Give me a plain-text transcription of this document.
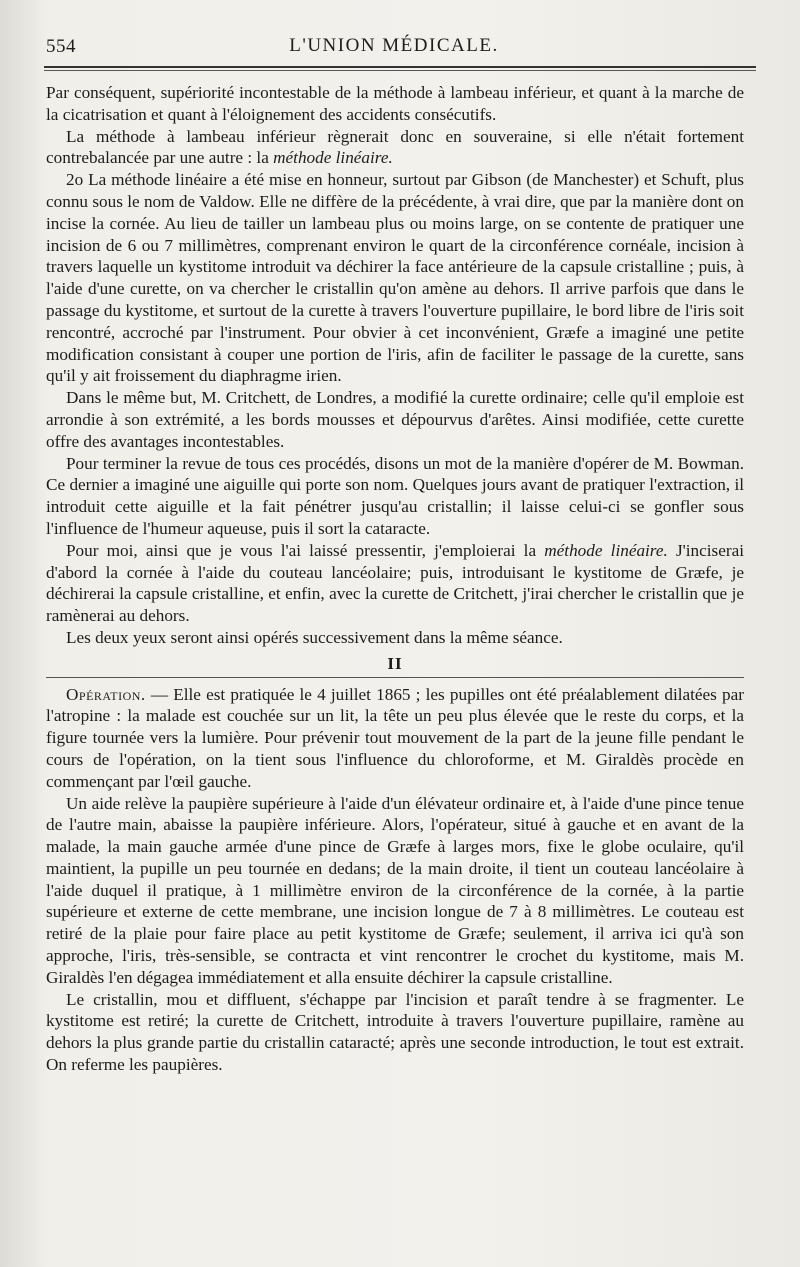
554	L'UNION MÉDICALE.

Par conséquent, supériorité incontestable de la méthode à lambeau inférieur, et quant à la marche de la cicatrisation et quant à l'éloignement des accidents consécutifs.

La méthode à lambeau inférieur règnerait donc en souveraine, si elle n'était fortement contrebalancée par une autre : la méthode linéaire.

2o La méthode linéaire a été mise en honneur, surtout par Gibson (de Manchester) et Schuft, plus connu sous le nom de Valdow. Elle ne diffère de la précédente, à vrai dire, que par la manière dont on incise la cornée. Au lieu de tailler un lambeau plus ou moins large, on se contente de pratiquer une incision de 6 ou 7 millimètres, comprenant environ le quart de la circonférence cornéale, incision à travers laquelle un kystitome introduit va déchirer la face antérieure de la capsule cristalline ; puis, à l'aide d'une curette, on va chercher le cristallin qu'on amène au dehors. Il arrive parfois que dans le passage du kystitome, et surtout de la curette à travers l'ouverture pupillaire, le bord libre de l'iris soit rencontré, accroché par l'instrument. Pour obvier à cet inconvénient, Græfe a imaginé une petite modification consistant à couper une portion de l'iris, afin de faciliter le passage de la curette, sans qu'il y ait froissement du diaphragme irien.

Dans le même but, M. Critchett, de Londres, a modifié la curette ordinaire; celle qu'il emploie est arrondie à son extrémité, a les bords mousses et dépourvus d'arêtes. Ainsi modifiée, cette curette offre des avantages incontestables.

Pour terminer la revue de tous ces procédés, disons un mot de la manière d'opérer de M. Bowman. Ce dernier a imaginé une aiguille qui porte son nom. Quelques jours avant de pratiquer l'extraction, il introduit cette aiguille et la fait pénétrer jusqu'au cristallin; il laisse celui-ci se gonfler sous l'influence de l'humeur aqueuse, puis il sort la cataracte.

Pour moi, ainsi que je vous l'ai laissé pressentir, j'emploierai la méthode linéaire. J'inciserai d'abord la cornée à l'aide du couteau lancéolaire; puis, introduisant le kystitome de Græfe, je déchirerai la capsule cristalline, et enfin, avec la curette de Critchett, j'irai chercher le cristallin que je ramènerai au dehors.

Les deux yeux seront ainsi opérés successivement dans la même séance.

II

Opération. — Elle est pratiquée le 4 juillet 1865 ; les pupilles ont été préalablement dilatées par l'atropine : la malade est couchée sur un lit, la tête un peu plus élevée que le reste du corps, et la figure tournée vers la lumière. Pour prévenir tout mouvement de la part de la jeune fille pendant le cours de l'opération, on la tient sous l'influence du chloroforme, et M. Giraldès procède en commençant par l'œil gauche.

Un aide relève la paupière supérieure à l'aide d'un élévateur ordinaire et, à l'aide d'une pince tenue de l'autre main, abaisse la paupière inférieure. Alors, l'opérateur, situé à gauche et en avant de la malade, la main gauche armée d'une pince de Græfe à larges mors, fixe le globe oculaire, qu'il maintient, la pupille un peu tournée en dedans; de la main droite, il tient un couteau lancéolaire à l'aide duquel il pratique, à 1 millimètre environ de la circonférence de la cornée, à la partie supérieure et externe de cette membrane, une incision longue de 7 à 8 millimètres. Le couteau est retiré de la plaie pour faire place au petit kystitome de Græfe; seulement, il arriva ici qu'à son approche, l'iris, très-sensible, se contracta et vint rencontrer le crochet du kystitome, mais M. Giraldès l'en dégagea immédiatement et alla ensuite déchirer la capsule cristalline.

Le cristallin, mou et diffluent, s'échappe par l'incision et paraît tendre à se fragmenter. Le kystitome est retiré; la curette de Critchett, introduite à travers l'ouverture pupillaire, ramène au dehors la plus grande partie du cristallin cataracté; après une seconde introduction, le tout est extrait. On referme les paupières.
